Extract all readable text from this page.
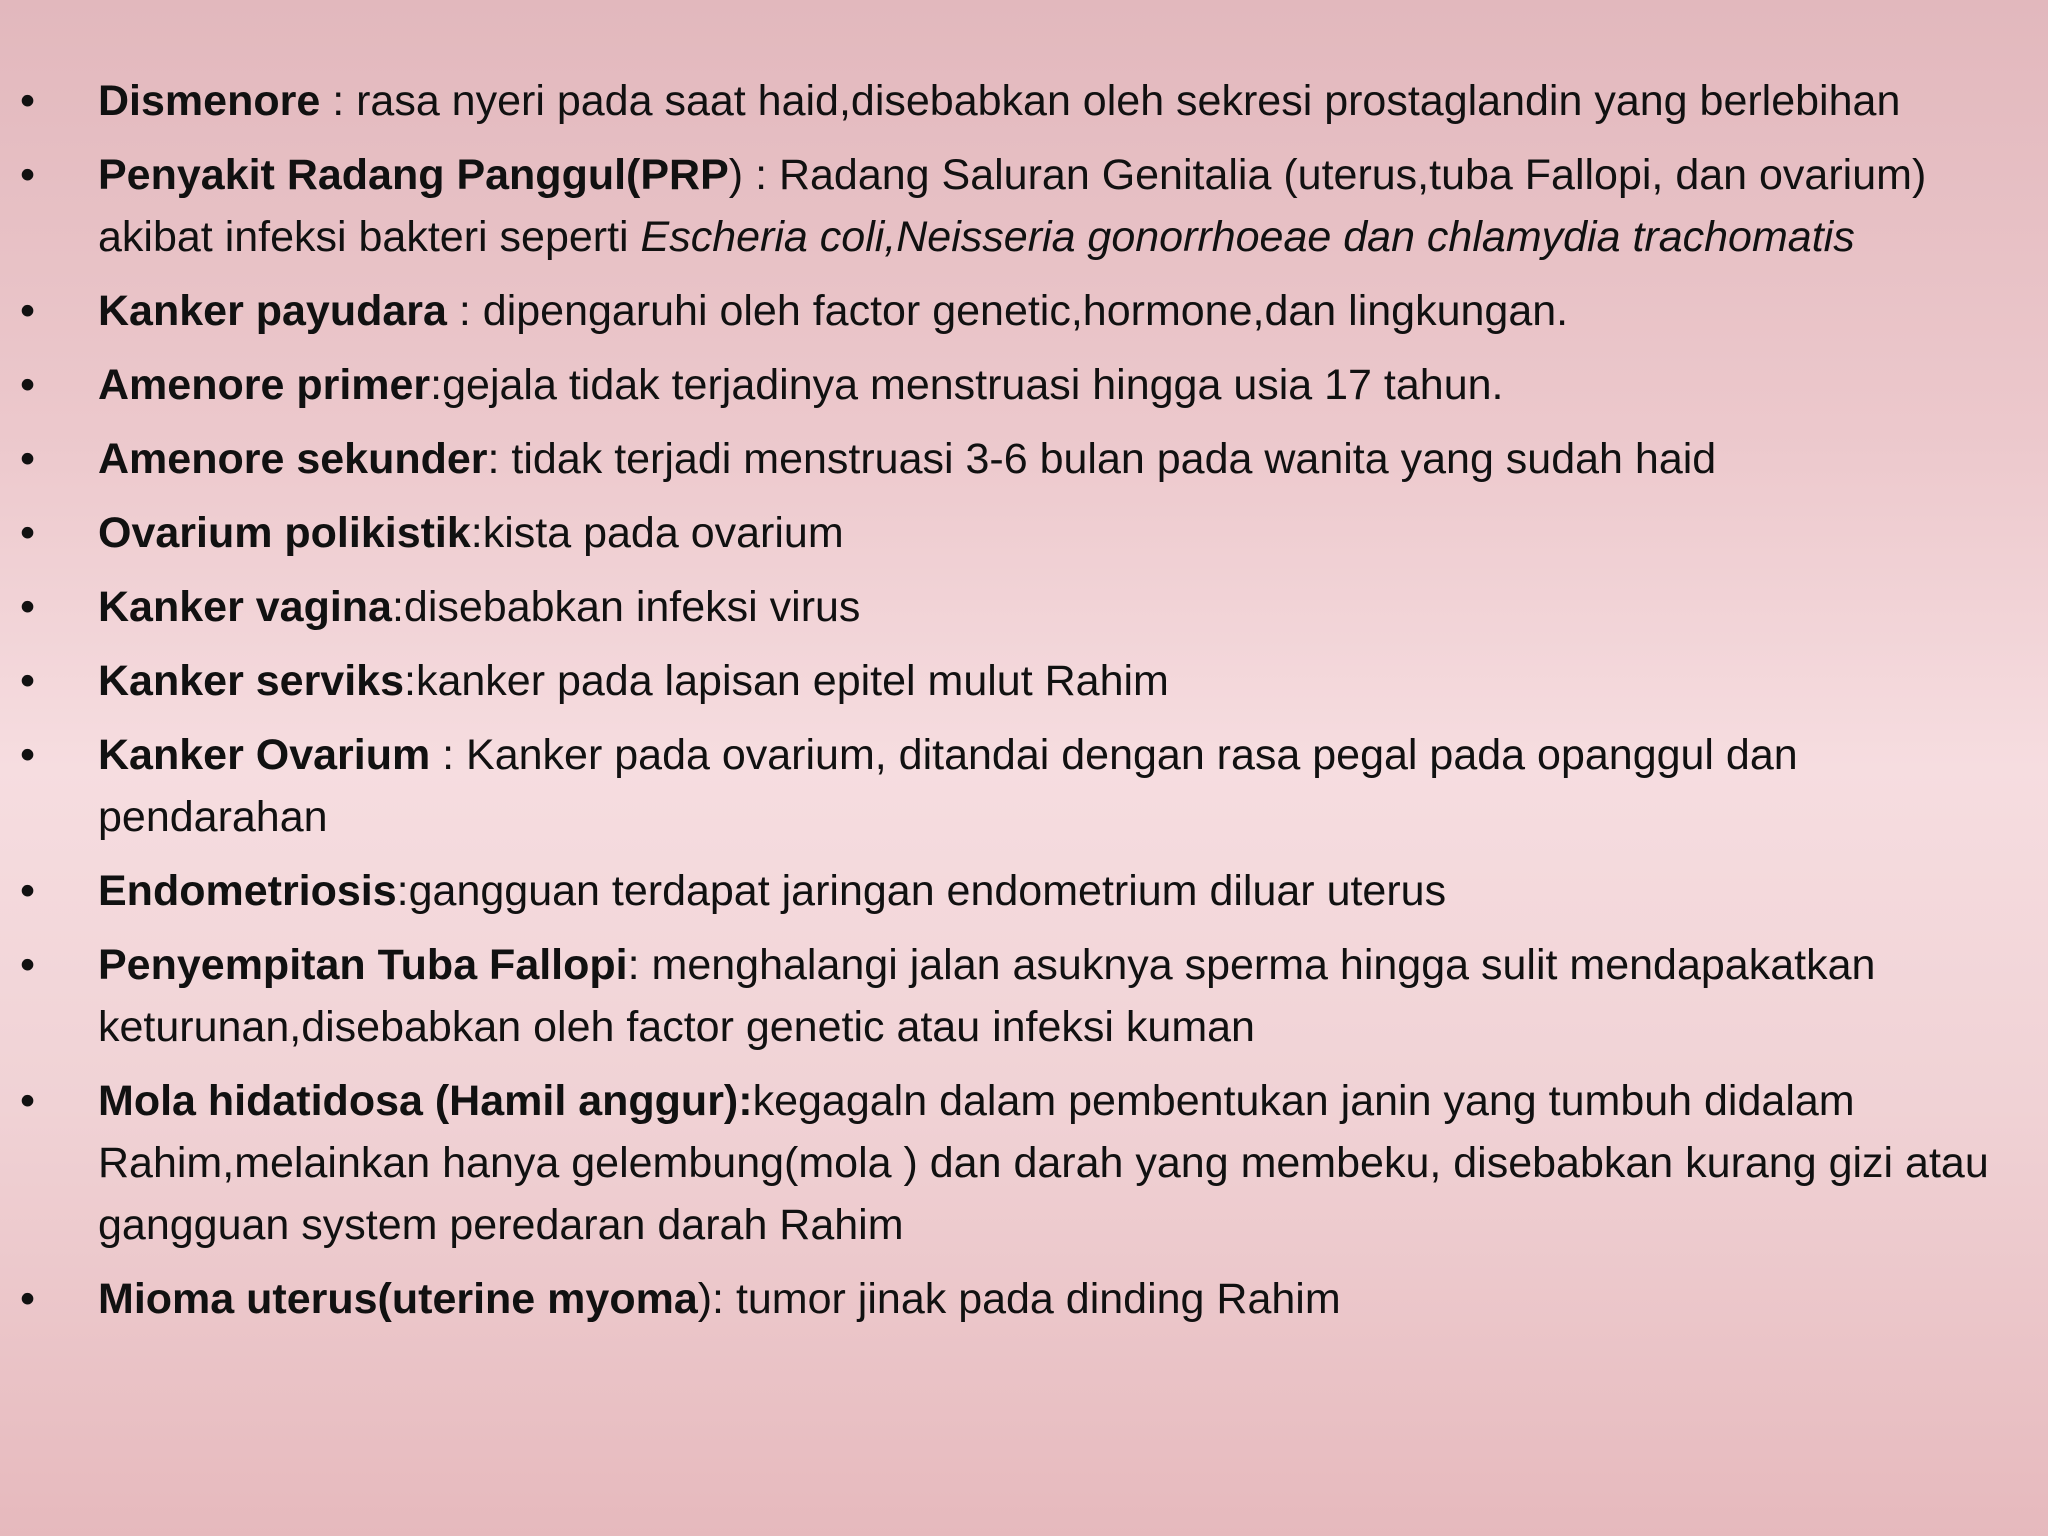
•	Dismenore : rasa nyeri pada saat haid,disebabkan oleh sekresi prostaglandin yang berlebihan
•	Penyakit Radang Panggul(PRP) : Radang Saluran Genitalia (uterus,tuba Fallopi, dan ovarium) akibat infeksi bakteri seperti Escheria coli,Neisseria gonorrhoeae dan chlamydia trachomatis
•	Kanker payudara : dipengaruhi oleh factor genetic,hormone,dan lingkungan.
•	Amenore primer:gejala tidak terjadinya menstruasi hingga usia 17 tahun.
•	Amenore sekunder: tidak terjadi menstruasi 3-6 bulan pada wanita yang sudah haid
•	Ovarium polikistik:kista pada ovarium
•	Kanker vagina:disebabkan infeksi virus
•	Kanker serviks:kanker pada lapisan epitel mulut Rahim
•	Kanker Ovarium : Kanker pada ovarium, ditandai dengan rasa pegal pada opanggul dan pendarahan
•	Endometriosis:gangguan terdapat jaringan endometrium diluar uterus
•	Penyempitan Tuba Fallopi: menghalangi jalan asuknya sperma hingga sulit mendapakatkan keturunan,disebabkan oleh factor genetic atau infeksi kuman
•	Mola hidatidosa (Hamil anggur):kegagaln dalam pembentukan janin yang tumbuh didalam Rahim,melainkan hanya gelembung(mola ) dan darah yang membeku, disebabkan kurang gizi atau gangguan system peredaran darah Rahim
•	Mioma uterus(uterine myoma): tumor jinak pada dinding Rahim
